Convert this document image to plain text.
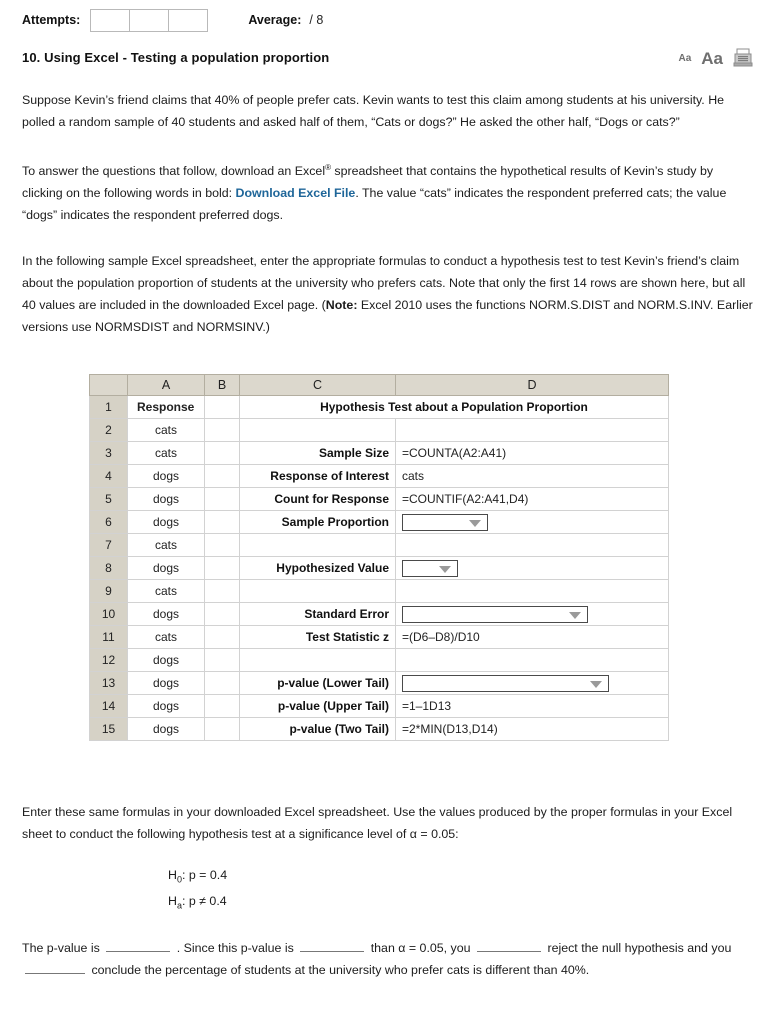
Attempts:	Average: / 8
10. Using Excel - Testing a population proportion	Aa Aa
Suppose Kevin’s friend claims that 40% of people prefer cats. Kevin wants to test this claim among students at his university. He polled a random sample of 40 students and asked half of them, “Cats or dogs?” He asked the other half, “Dogs or cats?”
To answer the questions that follow, download an Excel® spreadsheet that contains the hypothetical results of Kevin’s study by clicking on the following words in bold: Download Excel File. The value “cats” indicates the respondent preferred cats; the value “dogs” indicates the respondent preferred dogs.
In the following sample Excel spreadsheet, enter the appropriate formulas to conduct a hypothesis test to test Kevin’s friend’s claim about the population proportion of students at the university who prefers cats. Note that only the first 14 rows are shown here, but all 40 values are included in the downloaded Excel page. (Note: Excel 2010 uses the functions NORM.S.DIST and NORM.S.INV. Earlier versions use NORMSDIST and NORMSINV.)
	A	B	C	D
1	Response		Hypothesis Test about a Population Proportion	
2	cats			
3	cats		Sample Size	=COUNTA(A2:A41)
4	dogs		Response of Interest	cats
5	dogs		Count for Response	=COUNTIF(A2:A41,D4)
6	dogs		Sample Proportion	

7	cats			
8	dogs		Hypothesized Value	

9	cats			
10	dogs		Standard Error	

11	cats		Test Statistic z	=(D6–D8)/D10
12	dogs			
13	dogs		p-value (Lower Tail)	

14	dogs		p-value (Upper Tail)	=1–1D13
15	dogs		p-value (Two Tail)	=2*MIN(D13,D14)
Enter these same formulas in your downloaded Excel spreadsheet. Use the values produced by the proper formulas in your Excel sheet to conduct the following hypothesis test at a significance level of α = 0.05:
$H_0$: p = 0.4
$H_a$: p ≠ 0.4
The p-value is	. Since this p-value is	than α = 0.05, you	reject the null hypothesis and you  conclude the percentage of students at the university who prefer cats is different than 40%.
